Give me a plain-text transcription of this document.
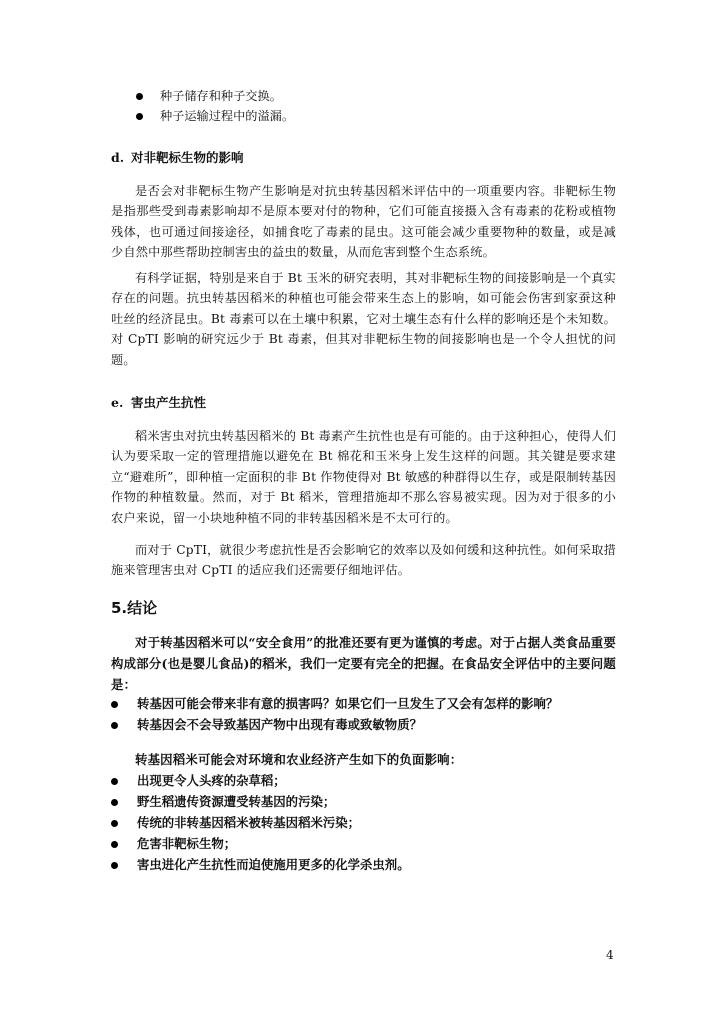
种子储存和种子交换。
种子运输过程中的溢漏。

d. 对非靶标生物的影响

是否会对非靶标生物产生影响是对抗虫转基因稻米评估中的一项重要内容。非靶标生物是指那些受到毒素影响却不是原本要对付的物种，它们可能直接摄入含有毒素的花粉或植物残体，也可通过间接途径，如捕食吃了毒素的昆虫。这可能会减少重要物种的数量，或是减少自然中那些帮助控制害虫的益虫的数量，从而危害到整个生态系统。

有科学证据，特别是来自于 Bt 玉米的研究表明，其对非靶标生物的间接影响是一个真实存在的问题。抗虫转基因稻米的种植也可能会带来生态上的影响，如可能会伤害到家蚕这种吐丝的经济昆虫。Bt 毒素可以在土壤中积累，它对土壤生态有什么样的影响还是个未知数。对 CpTI 影响的研究远少于 Bt 毒素，但其对非靶标生物的间接影响也是一个令人担忧的问题。

e. 害虫产生抗性

稻米害虫对抗虫转基因稻米的 Bt 毒素产生抗性也是有可能的。由于这种担心，使得人们认为要采取一定的管理措施以避免在 Bt 棉花和玉米身上发生这样的问题。其关键是要求建立“避难所”，即种植一定面积的非 Bt 作物使得对 Bt 敏感的种群得以生存，或是限制转基因作物的种植数量。然而，对于 Bt 稻米，管理措施却不那么容易被实现。因为对于很多的小农户来说，留一小块地种植不同的非转基因稻米是不太可行的。

而对于 CpTI，就很少考虑抗性是否会影响它的效率以及如何缓和这种抗性。如何采取措施来管理害虫对 CpTI 的适应我们还需要仔细地评估。

5.结论

对于转基因稻米可以“安全食用”的批准还要有更为谨慎的考虑。对于占据人类食品重要构成部分(也是婴儿食品)的稻米，我们一定要有完全的把握。在食品安全评估中的主要问题是：

转基因可能会带来非有意的损害吗？如果它们一旦发生了又会有怎样的影响？
转基因会不会导致基因产物中出现有毒或致敏物质？

转基因稻米可能会对环境和农业经济产生如下的负面影响：

出现更令人头疼的杂草稻；
野生稻遗传资源遭受转基因的污染；
传统的非转基因稻米被转基因稻米污染；
危害非靶标生物；
害虫进化产生抗性而迫使施用更多的化学杀虫剂。
4
